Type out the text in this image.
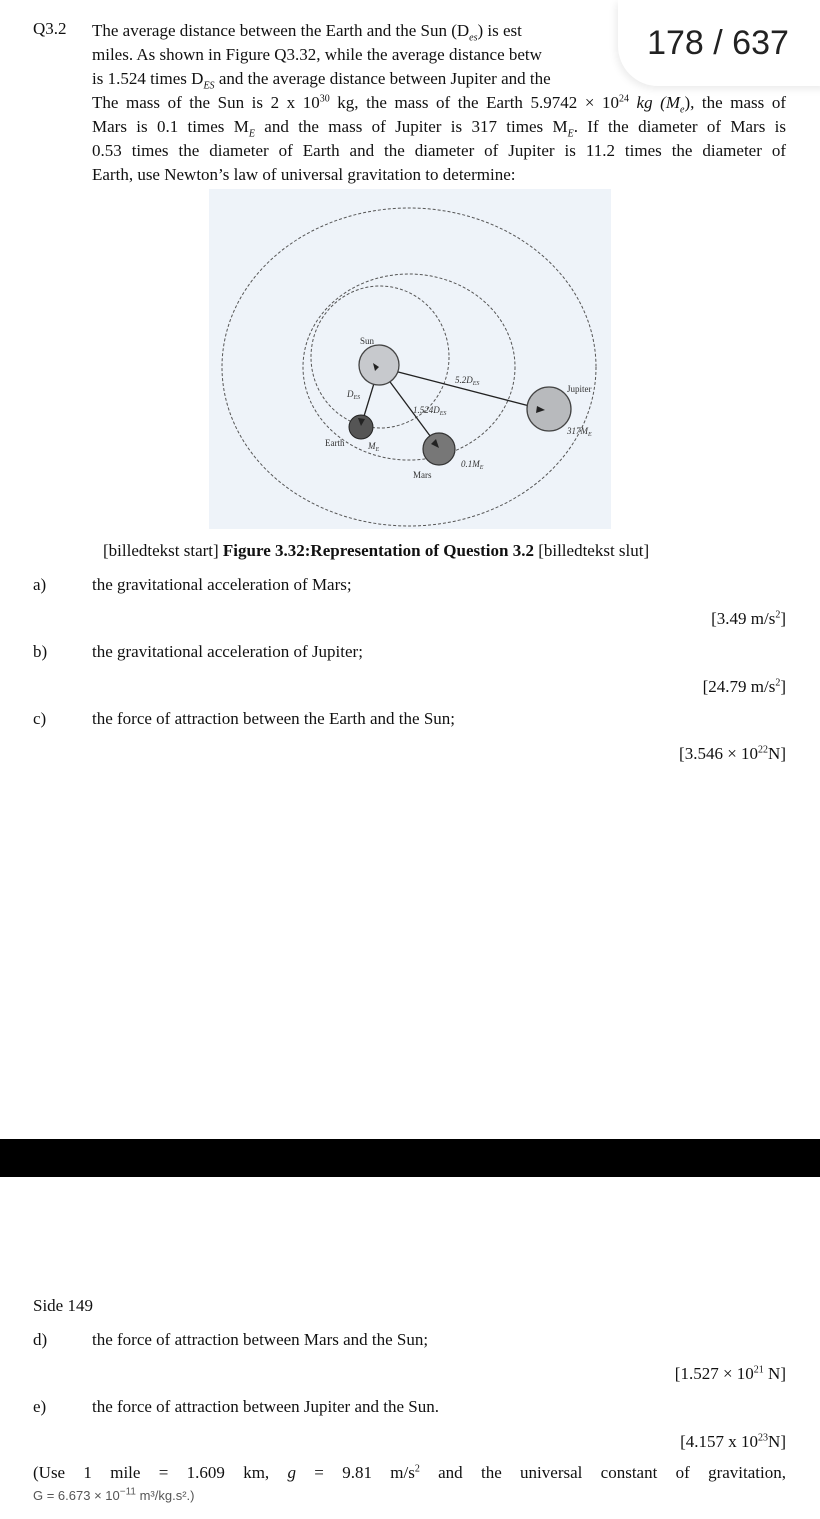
Q3.2 The average distance between the Earth and the Sun $(D_{es})$ is est
miles. As shown in Figure Q3.32, while the average distance betw
is 1.524 times $D_{ES}$ and the average distance between Jupiter and the
The mass of the Sun is 2 x $10^{30}$ kg, the mass of the Earth $5.9742 \times 10^{24}$ kg $(M_e)$, the mass of
Mars is 0.1 times $M_E$ and the mass of Jupiter is 317 times $M_E$. If the diameter of Mars is
0.53 times the diameter of Earth and the diameter of Jupiter is 11.2 times the diameter of
Earth, use Newton’s law of universal gravitation to determine:
178 / 637
Sun
Earth
Mars
Jupiter
$D_{ES}$
$1.524D_{ES}$
$5.2D_{ES}$
$M_E$
$0.1M_E$
$317M_E$
[billedtekst start] Figure 3.32:Representation of Question 3.2 [billedtekst slut]
a)	the gravitational acceleration of Mars;
[3.49 $m/s^2$]
b)	the gravitational acceleration of Jupiter;
[24.79 $m/s^2$]
c)	the force of attraction between the Earth and the Sun;
$[3.546 \times 10^{22}N]$
Side 149
d)	the force of attraction between Mars and the Sun;
[$1.527 \times 10^{21}$ N]
e)	the force of attraction between Jupiter and the Sun.
[4.157 x $10^{23}N$]
(Use 1 mile = 1.609 km, g = 9.81 $m/s^2$ and the universal constant of gravitation,
$G = 6.673 \times 10^{-11}$ m³/kg.s².)
